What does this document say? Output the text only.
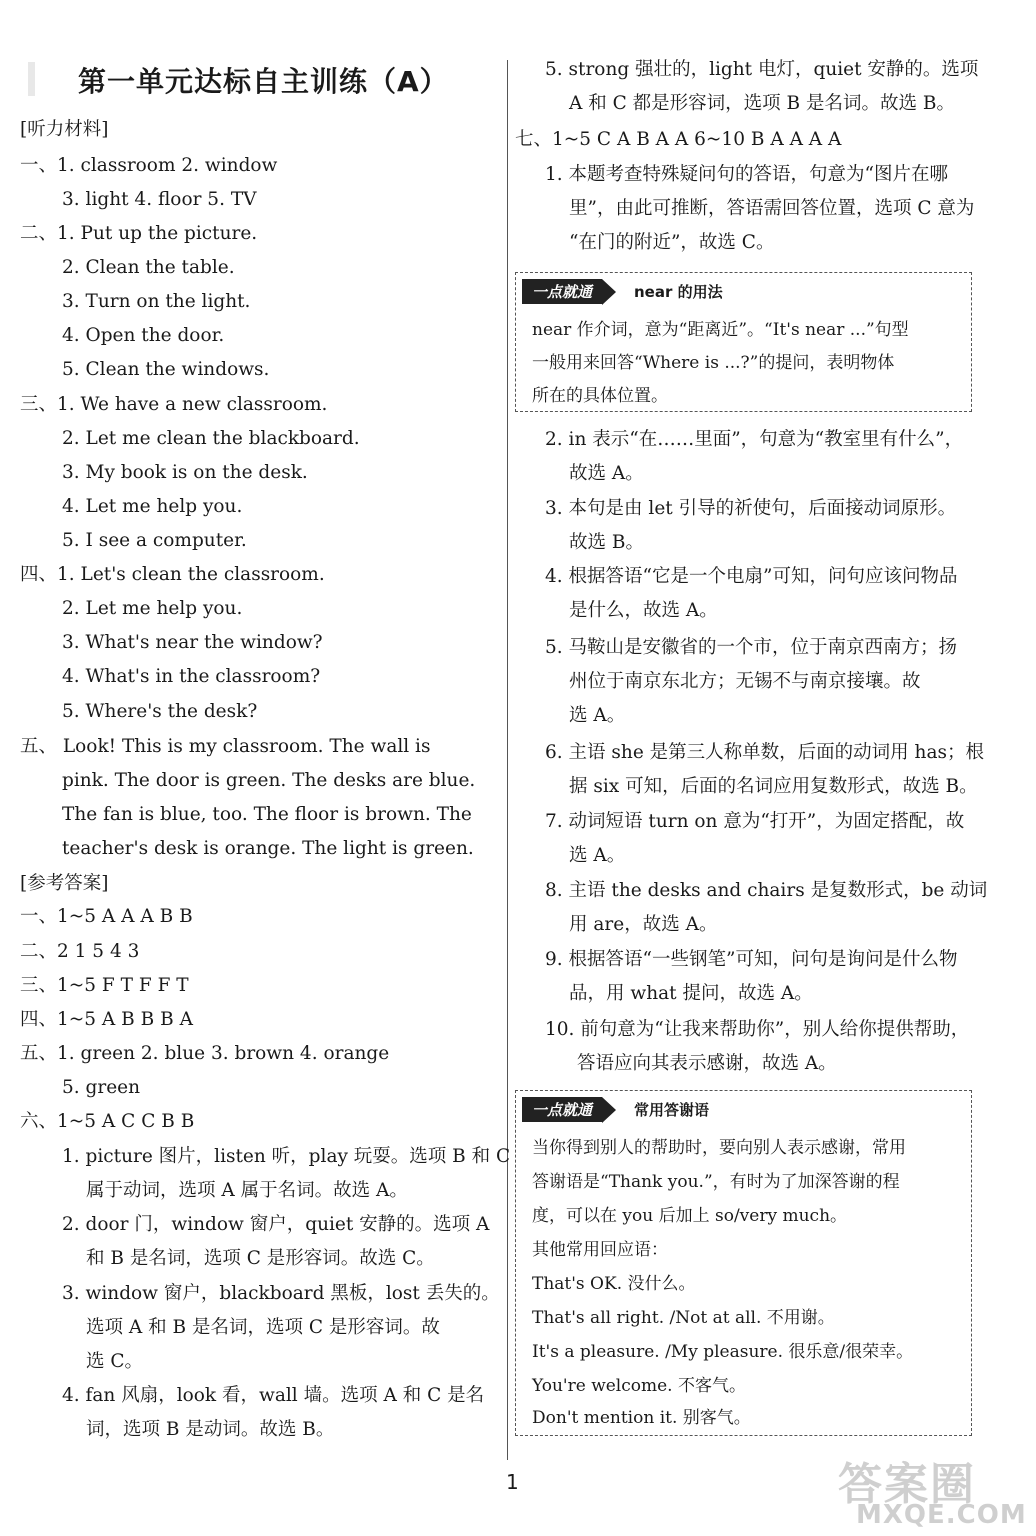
第一单元达标自主训练（A）
[听力材料]
一、1. classroom 2. window
3. light 4. floor 5. TV
二、1. Put up the picture.
2. Clean the table.
3. Turn on the light.
4. Open the door.
5. Clean the windows.
三、1. We have a new classroom.
2. Let me clean the blackboard.
3. My book is on the desk.
4. Let me help you.
5. I see a computer.
四、1. Let's clean the classroom.
2. Let me help you.
3. What's near the window?
4. What's in the classroom?
5. Where's the desk?
五、 Look! This is my classroom. The wall is
pink. The door is green. The desks are blue.
The fan is blue, too. The floor is brown. The
teacher's desk is orange. The light is green.
[参考答案]
一、1~5 A A A B B
二、2 1 5 4 3
三、1~5 F T F F T
四、1~5 A B B B A
五、1. green 2. blue 3. brown 4. orange
5. green
六、1~5 A C C B B
1. picture 图片，listen 听，play 玩耍。选项 B 和 C
属于动词，选项 A 属于名词。故选 A。
2. door 门，window 窗户，quiet 安静的。选项 A
和 B 是名词，选项 C 是形容词。故选 C。
3. window 窗户，blackboard 黑板，lost 丢失的。
选项 A 和 B 是名词，选项 C 是形容词。故
选 C。
4. fan 风扇，look 看，wall 墙。选项 A 和 C 是名
词，选项 B 是动词。故选 B。
一点就通	near 的用法
near 作介词，意为“距离近”。“It's near ...”句型
一般用来回答“Where is ...?”的提问，表明物体
所在的具体位置。
一点就通	常用答谢语
当你得到别人的帮助时，要向别人表示感谢，常用
答谢语是“Thank you.”，有时为了加深答谢的程
度，可以在 you 后加上 so/very much。
其他常用回应语：
That's OK. 没什么。
That's all right. /Not at all. 不用谢。
It's a pleasure. /My pleasure. 很乐意/很荣幸。
You're welcome. 不客气。
Don't mention it. 别客气。
5. strong 强壮的，light 电灯，quiet 安静的。选项
A 和 C 都是形容词，选项 B 是名词。故选 B。
七、1~5 C A B A A 6~10 B A A A A
1. 本题考查特殊疑问句的答语，句意为“图片在哪
里”，由此可推断，答语需回答位置，选项 C 意为
“在门的附近”，故选 C。
2. in 表示“在……里面”，句意为“教室里有什么”，
故选 A。
3. 本句是由 let 引导的祈使句，后面接动词原形。
故选 B。
4. 根据答语“它是一个电扇”可知，问句应该问物品
是什么，故选 A。
5. 马鞍山是安徽省的一个市，位于南京西南方；扬
州位于南京东北方；无锡不与南京接壤。故
选 A。
6. 主语 she 是第三人称单数，后面的动词用 has；根
据 six 可知，后面的名词应用复数形式，故选 B。
7. 动词短语 turn on 意为“打开”，为固定搭配，故
选 A。
8. 主语 the desks and chairs 是复数形式，be 动词
用 are，故选 A。
9. 根据答语“一些钢笔”可知，问句是询问是什么物
品，用 what 提问，故选 A。
10. 前句意为“让我来帮助你”，别人给你提供帮助，
答语应向其表示感谢，故选 A。
1	答案圈
MXQE.COM
